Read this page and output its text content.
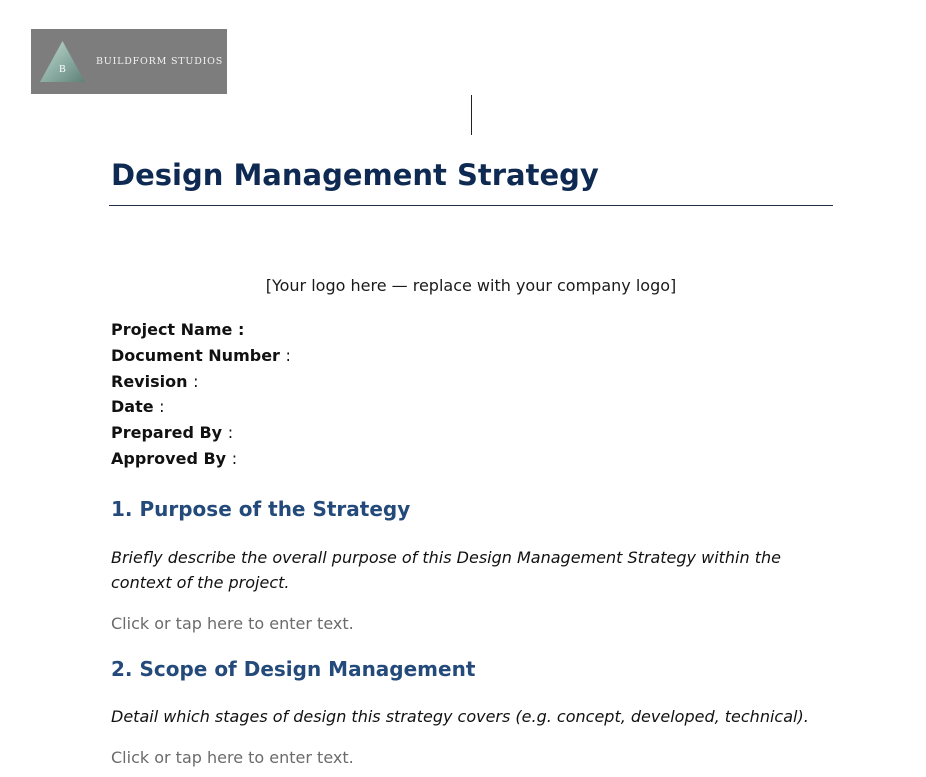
B
BUILDFORM STUDIOS
Design Management Strategy
[Your logo here — replace with your company logo]
Project Name :
Document Number :
Revision :
Date :
Prepared By :
Approved By :
1. Purpose of the Strategy

Briefly describe the overall purpose of this Design Management Strategy within the context of the project.

Click or tap here to enter text.

2. Scope of Design Management

Detail which stages of design this strategy covers (e.g. concept, developed, technical).

Click or tap here to enter text.
